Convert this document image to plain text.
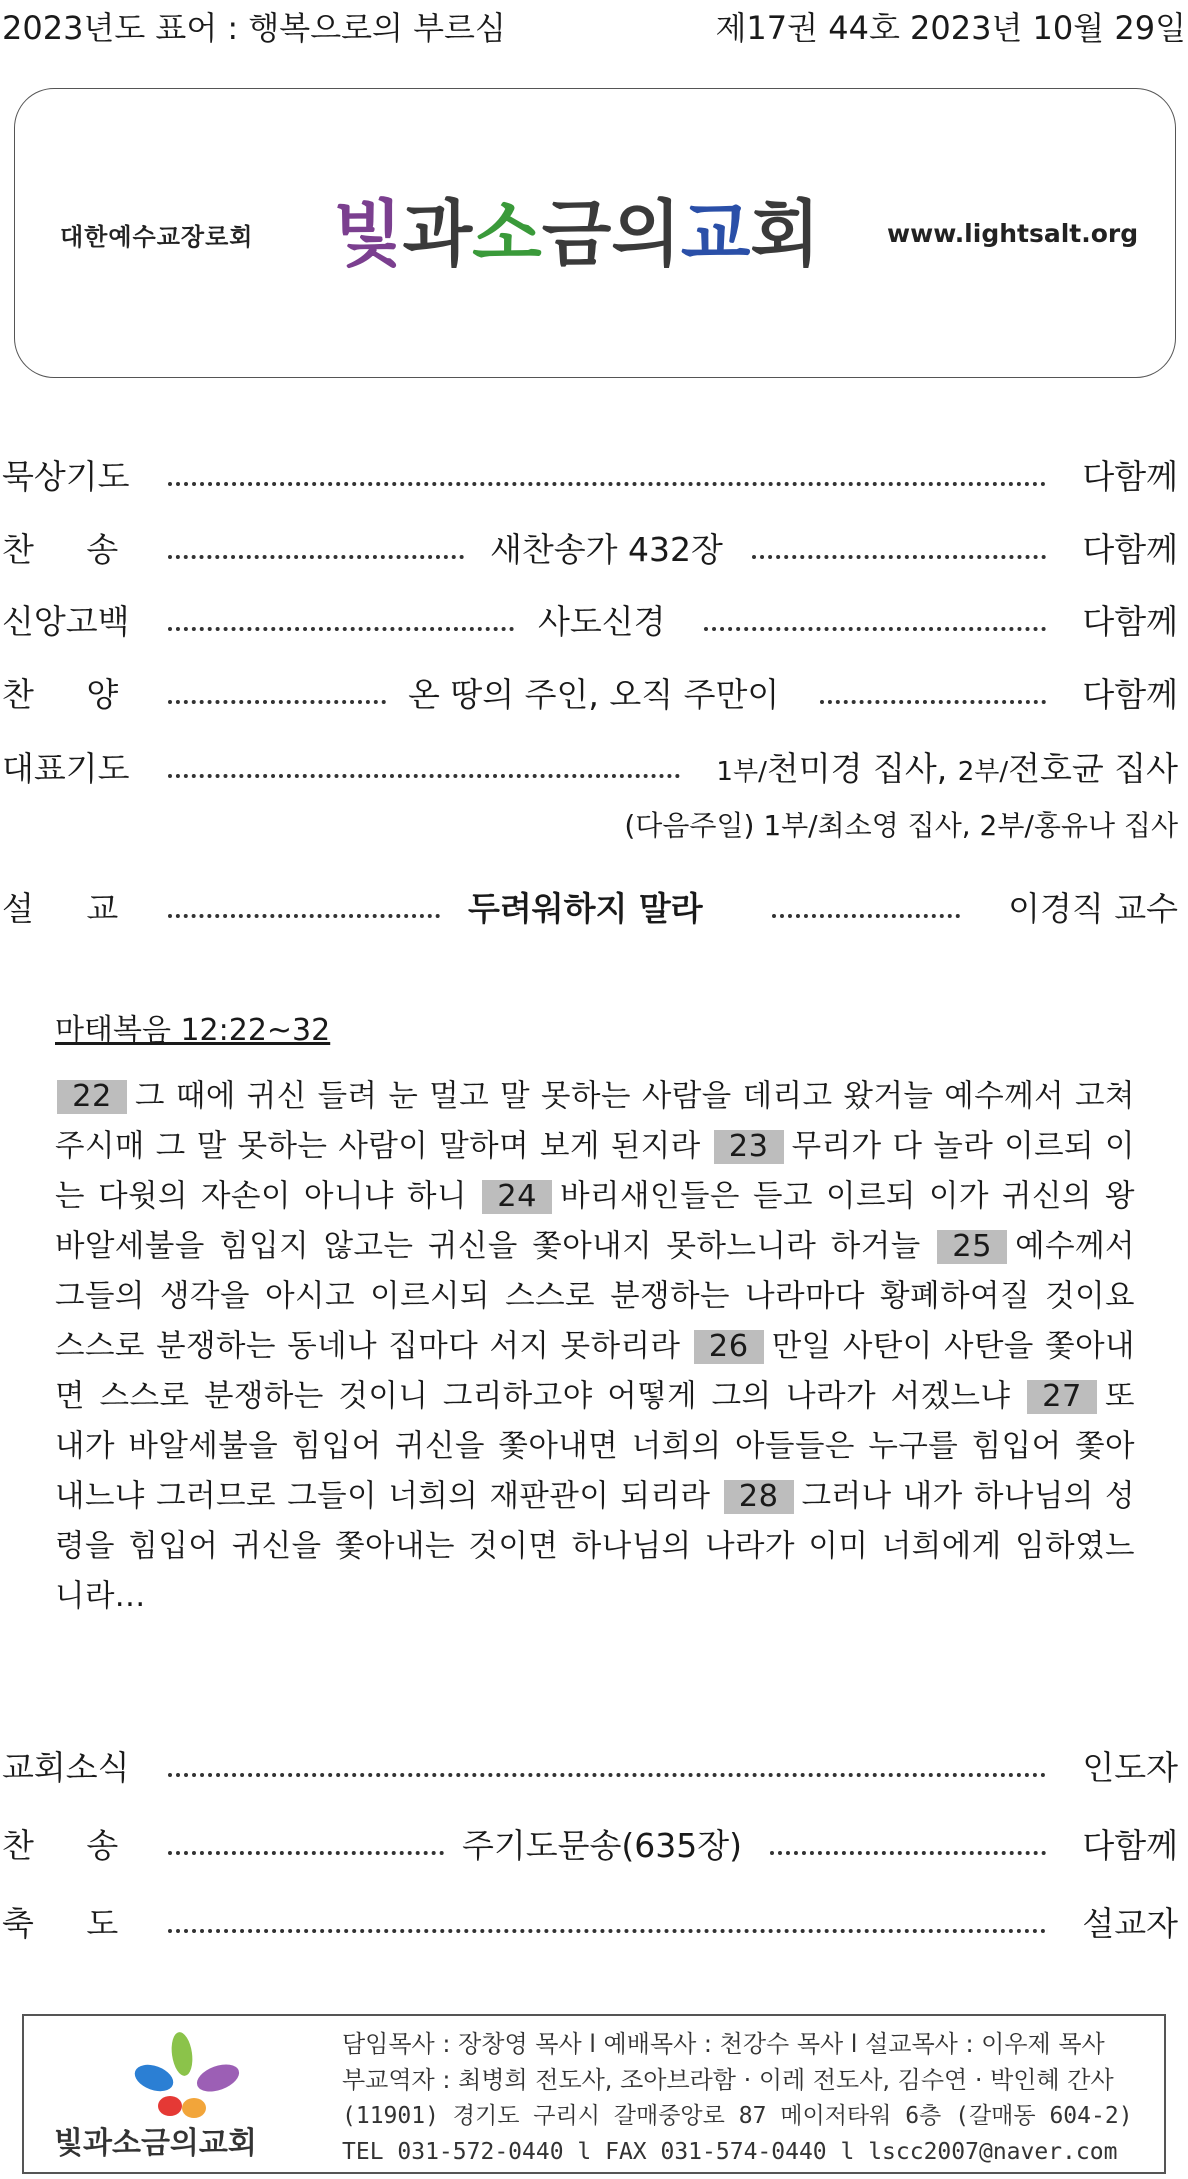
2023년도 표어 : 행복으로의 부르심	제17권 44호 2023년 10월 29일
대한예수교장로회 빛과소금의교회	www.lightsalt.org
묵상기도	다함께
찬     송	새찬송가 432장	다함께
신앙고백	사도신경	다함께
찬     양	온 땅의 주인, 오직 주만이	다함께
대표기도	1부/천미경 집사, 2부/전호균 집사
(다음주일) 1부/최소영 집사, 2부/홍유나 집사
설     교	두려워하지 말라	이경직 교수
마태복음 12:22~32
22 그 때에 귀신 들려 눈 멀고 말 못하는 사람을 데리고 왔거늘 예수께서 고쳐 주시매 그 말 못하는 사람이 말하며 보게 된지라 23 무리가 다 놀라 이르되 이는 다윗의 자손이 아니냐 하니 24 바리새인들은 듣고 이르되 이가 귀신의 왕 바알세불을 힘입지 않고는 귀신을 쫓아내지 못하느니라 하거늘 25 예수께서 그들의 생각을 아시고 이르시되 스스로 분쟁하는 나라마다 황폐하여질 것이요 스스로 분쟁하는 동네나 집마다 서지 못하리라 26 만일 사탄이 사탄을 쫓아내면 스스로 분쟁하는 것이니 그리하고야 어떻게 그의 나라가 서겠느냐 27 또 내가 바알세불을 힘입어 귀신을 쫓아내면 너희의 아들들은 누구를 힘입어 쫓아내느냐 그러므로 그들이 너희의 재판관이 되리라 28 그러나 내가 하나님의 성령을 힘입어 귀신을 쫓아내는 것이면 하나님의 나라가 이미 너희에게 임하였느니라...
교회소식	인도자
찬     송	주기도문송(635장)	다함께
축     도	설교자
빛과소금의교회
담임목사 : 장창영 목사 l 예배목사 : 천강수 목사 l 설교목사 : 이우제 목사
부교역자 : 최병희 전도사, 조아브라함 · 이레 전도사, 김수연 · 박인혜 간사
(11901) 경기도 구리시 갈매중앙로 87 메이저타워 6층 (갈매동 604-2)
TEL 031-572-0440 l FAX 031-574-0440 l lscc2007@naver.com
